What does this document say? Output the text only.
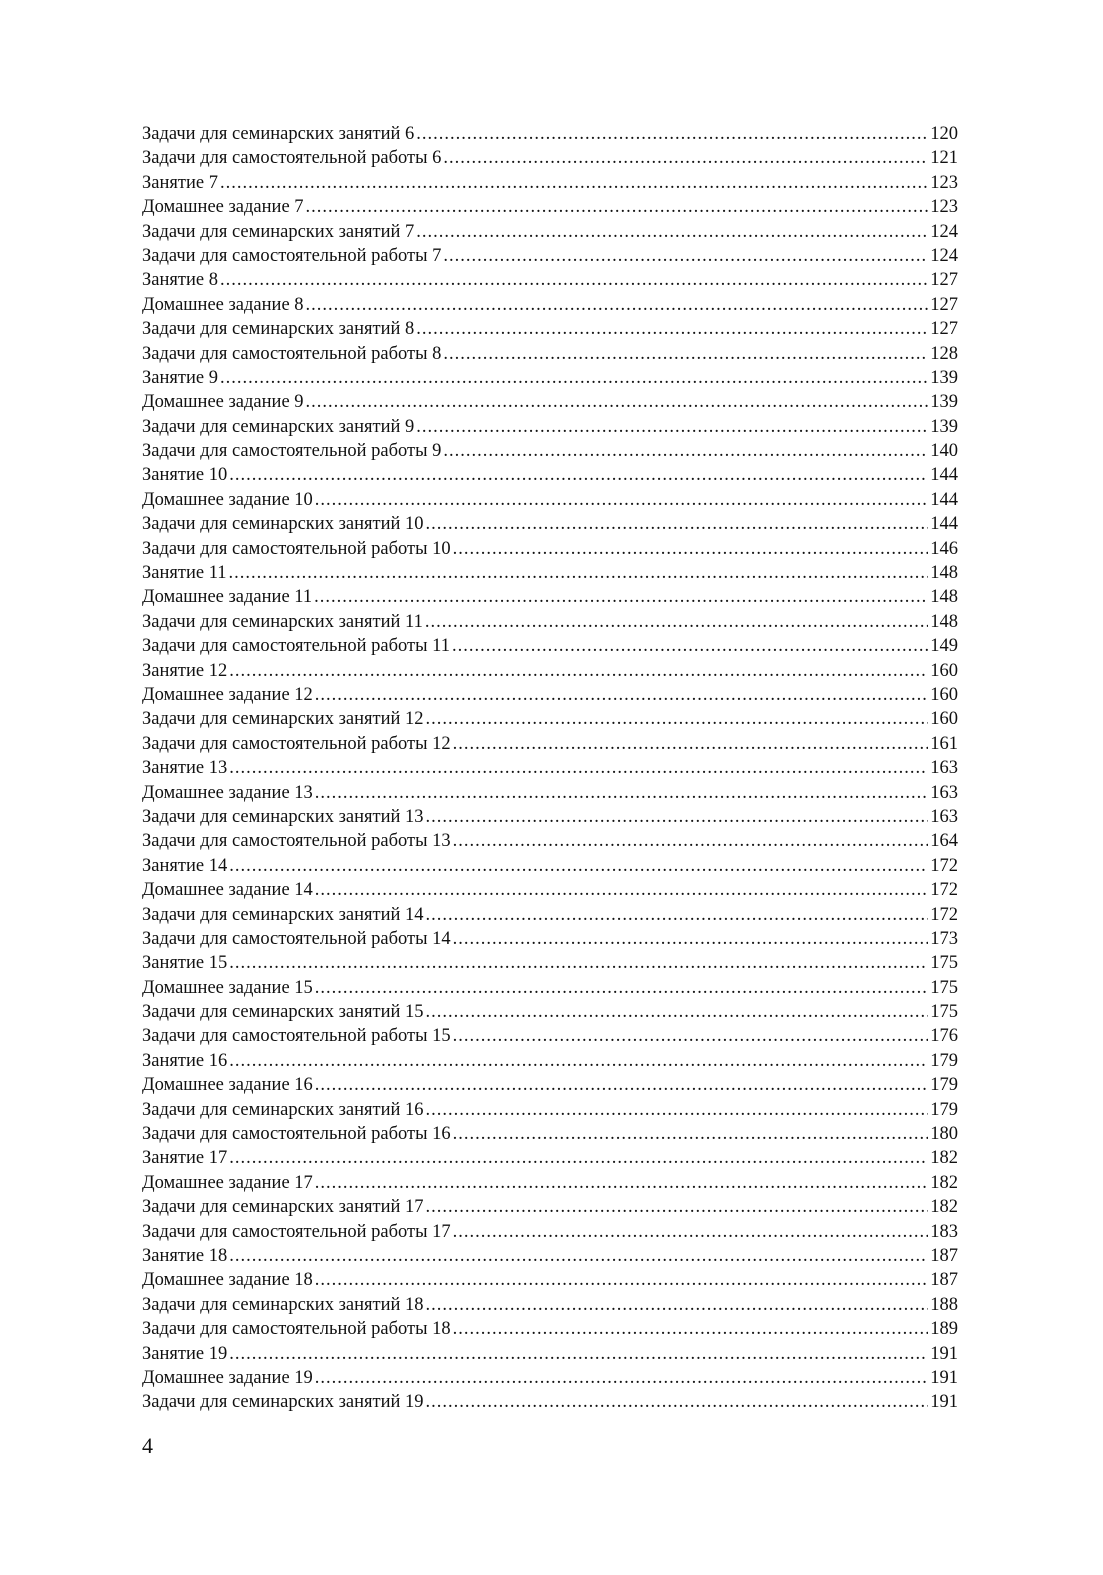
Задачи для семинарских занятий 6 .....	120
Задачи для самостоятельной работы 6 .....	121
Занятие 7 .....	123
Домашнее задание 7 .....	123
Задачи для семинарских занятий 7 .....	124
Задачи для самостоятельной работы 7 .....	124
Занятие 8 .....	127
Домашнее задание 8 .....	127
Задачи для семинарских занятий 8 .....	127
Задачи для самостоятельной работы 8 .....	128
Занятие 9 .....	139
Домашнее задание 9 .....	139
Задачи для семинарских занятий 9 .....	139
Задачи для самостоятельной работы 9 .....	140
Занятие 10 .....	144
Домашнее задание 10 .....	144
Задачи для семинарских занятий 10 .....	144
Задачи для самостоятельной работы 10 .....	146
Занятие 11 .....	148
Домашнее задание 11 .....	148
Задачи для семинарских занятий 11 .....	148
Задачи для самостоятельной работы 11 .....	149
Занятие 12 .....	160
Домашнее задание 12 .....	160
Задачи для семинарских занятий 12 .....	160
Задачи для самостоятельной работы 12 .....	161
Занятие 13 .....	163
Домашнее задание 13 .....	163
Задачи для семинарских занятий 13 .....	163
Задачи для самостоятельной работы 13 .....	164
Занятие 14 .....	172
Домашнее задание 14 .....	172
Задачи для семинарских занятий 14 .....	172
Задачи для самостоятельной работы 14 .....	173
Занятие 15 .....	175
Домашнее задание 15 .....	175
Задачи для семинарских занятий 15 .....	175
Задачи для самостоятельной работы 15 .....	176
Занятие 16 .....	179
Домашнее задание 16 .....	179
Задачи для семинарских занятий 16 .....	179
Задачи для самостоятельной работы 16 .....	180
Занятие 17 .....	182
Домашнее задание 17 .....	182
Задачи для семинарских занятий 17 .....	182
Задачи для самостоятельной работы 17 .....	183
Занятие 18 .....	187
Домашнее задание 18 .....	187
Задачи для семинарских занятий 18 .....	188
Задачи для самостоятельной работы 18 .....	189
Занятие 19 .....	191
Домашнее задание 19 .....	191
Задачи для семинарских занятий 19 .....	191
4
